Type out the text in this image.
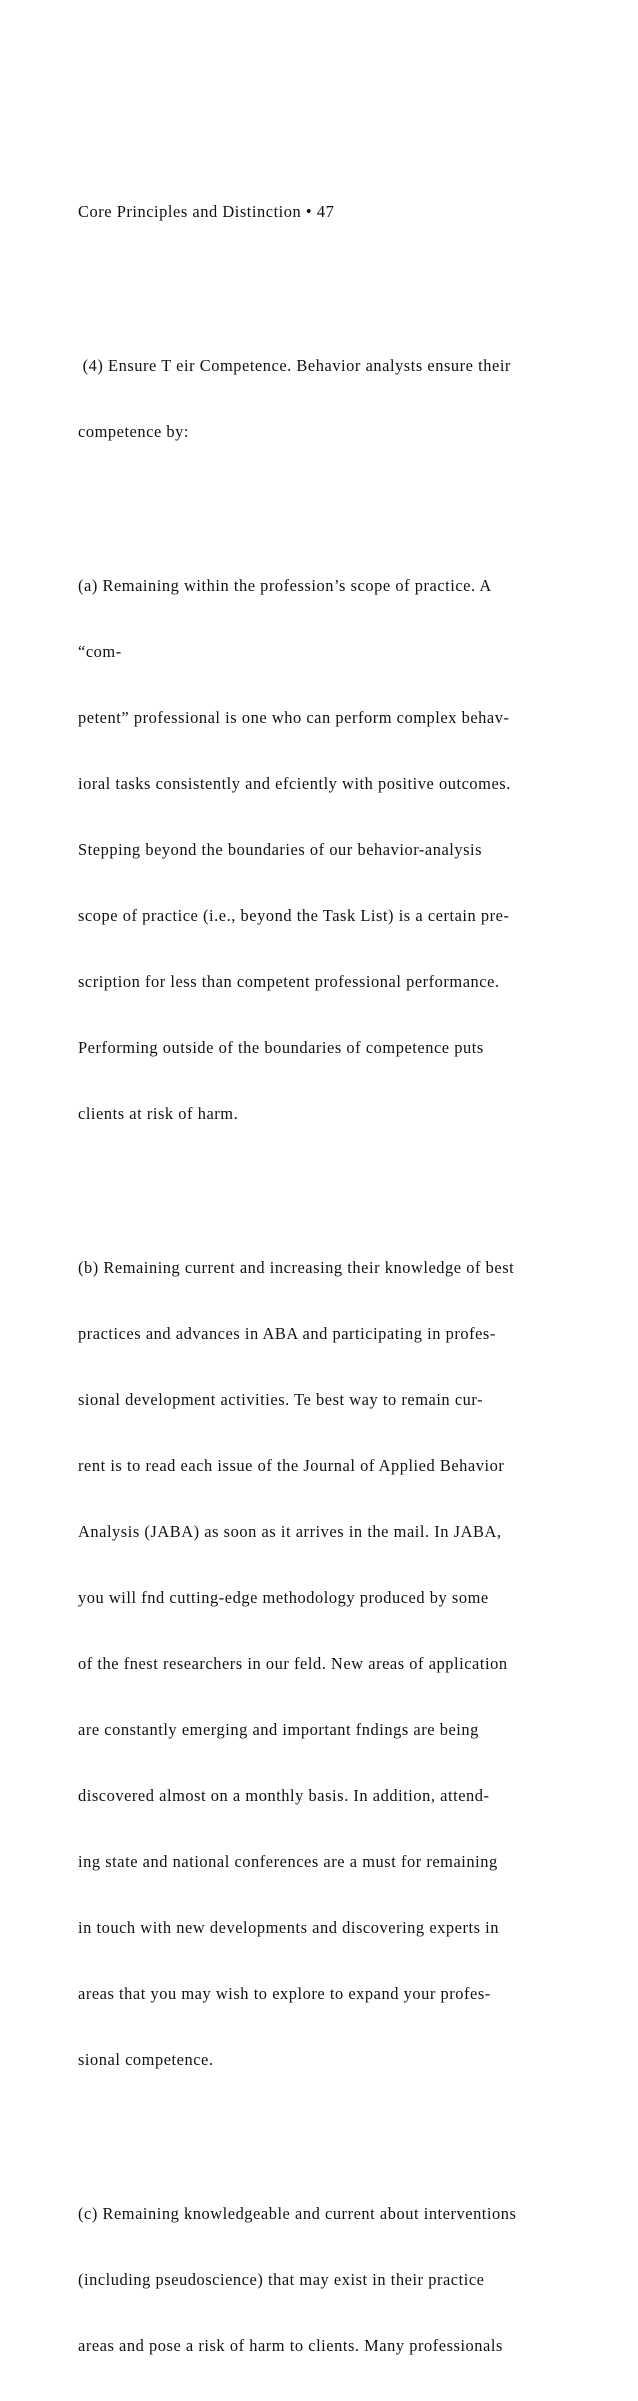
Core Principles and Distinction • 47

(4) Ensure T eir Competence. Behavior analysts ensure their

competence by:

(a) Remaining within the profession’s scope of practice. A

“com-

petent” professional is one who can perform complex behav-

ioral tasks consistently and efciently with positive outcomes.

Stepping beyond the boundaries of our behavior-analysis

scope of practice (i.e., beyond the Task List) is a certain pre-

scription for less than competent professional performance.

Performing outside of the boundaries of competence puts

clients at risk of harm.

(b) Remaining current and increasing their knowledge of best

practices and advances in ABA and participating in profes-

sional development activities. Te best way to remain cur-

rent is to read each issue of the Journal of Applied Behavior

Analysis (JABA) as soon as it arrives in the mail. In JABA,

you will fnd cutting-edge methodology produced by some

of the fnest researchers in our feld. New areas of application

are constantly emerging and important fndings are being

discovered almost on a monthly basis. In addition, attend-

ing state and national conferences are a must for remaining

in touch with new developments and discovering experts in

areas that you may wish to explore to expand your profes-

sional competence.

(c) Remaining knowledgeable and current about interventions

(including pseudoscience) that may exist in their practice

areas and pose a risk of harm to clients. Many professionals
